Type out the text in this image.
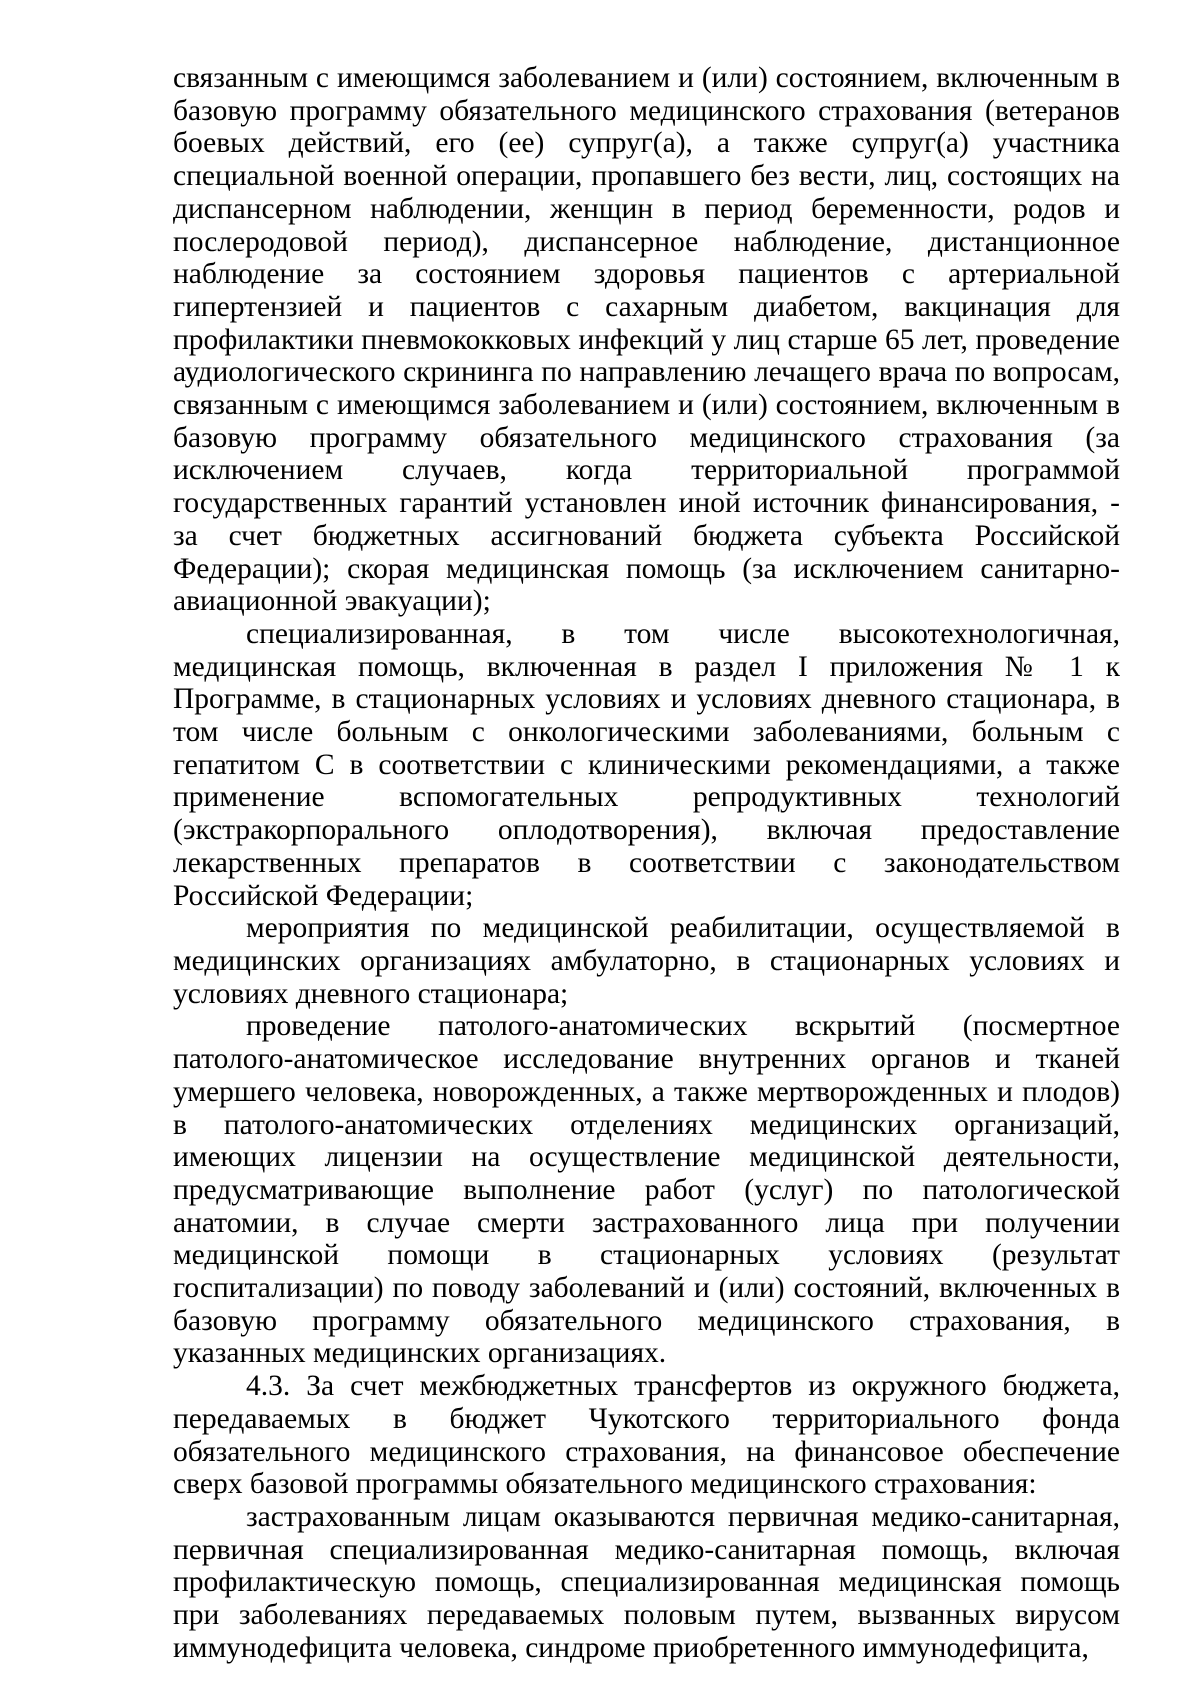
связанным с имеющимся заболеванием и (или) состоянием, включенным в базовую программу обязательного медицинского страхования (ветеранов боевых действий, его (ее) супруг(а), а также супруг(а) участника специальной военной операции, пропавшего без вести, лиц, состоящих на диспансерном наблюдении, женщин в период беременности, родов и послеродовой период), диспансерное наблюдение, дистанционное наблюдение за состоянием здоровья пациентов с артериальной гипертензией и пациентов с сахарным диабетом, вакцинация для профилактики пневмококковых инфекций у лиц старше 65 лет, проведение аудиологического скрининга по направлению лечащего врача по вопросам, связанным с имеющимся заболеванием и (или) состоянием, включенным в базовую программу обязательного медицинского страхования (за исключением случаев, когда территориальной программой государственных гарантий установлен иной источник финансирования, - за счет бюджетных ассигнований бюджета субъекта Российской Федерации); скорая медицинская помощь (за исключением санитарно-авиационной эвакуации);

специализированная, в том числе высокотехнологичная, медицинская помощь, включенная в раздел I приложения № 1 к Программе, в стационарных условиях и условиях дневного стационара, в том числе больным с онкологическими заболеваниями, больным с гепатитом C в соответствии с клиническими рекомендациями, а также применение вспомогательных репродуктивных технологий (экстракорпорального оплодотворения), включая предоставление лекарственных препаратов в соответствии с законодательством Российской Федерации;

мероприятия по медицинской реабилитации, осуществляемой в медицинских организациях амбулаторно, в стационарных условиях и условиях дневного стационара;

проведение патолого-анатомических вскрытий (посмертное патолого-анатомическое исследование внутренних органов и тканей умершего человека, новорожденных, а также мертворожденных и плодов) в патолого-анатомических отделениях медицинских организаций, имеющих лицензии на осуществление медицинской деятельности, предусматривающие выполнение работ (услуг) по патологической анатомии, в случае смерти застрахованного лица при получении медицинской помощи в стационарных условиях (результат госпитализации) по поводу заболеваний и (или) состояний, включенных в базовую программу обязательного медицинского страхования, в указанных медицинских организациях.

4.3. За счет межбюджетных трансфертов из окружного бюджета, передаваемых в бюджет Чукотского территориального фонда обязательного медицинского страхования, на финансовое обеспечение сверх базовой программы обязательного медицинского страхования:

застрахованным лицам оказываются первичная медико-санитарная, первичная специализированная медико-санитарная помощь, включая профилактическую помощь, специализированная медицинская помощь при заболеваниях передаваемых половым путем, вызванных вирусом иммунодефицита человека, синдроме приобретенного иммунодефицита,
